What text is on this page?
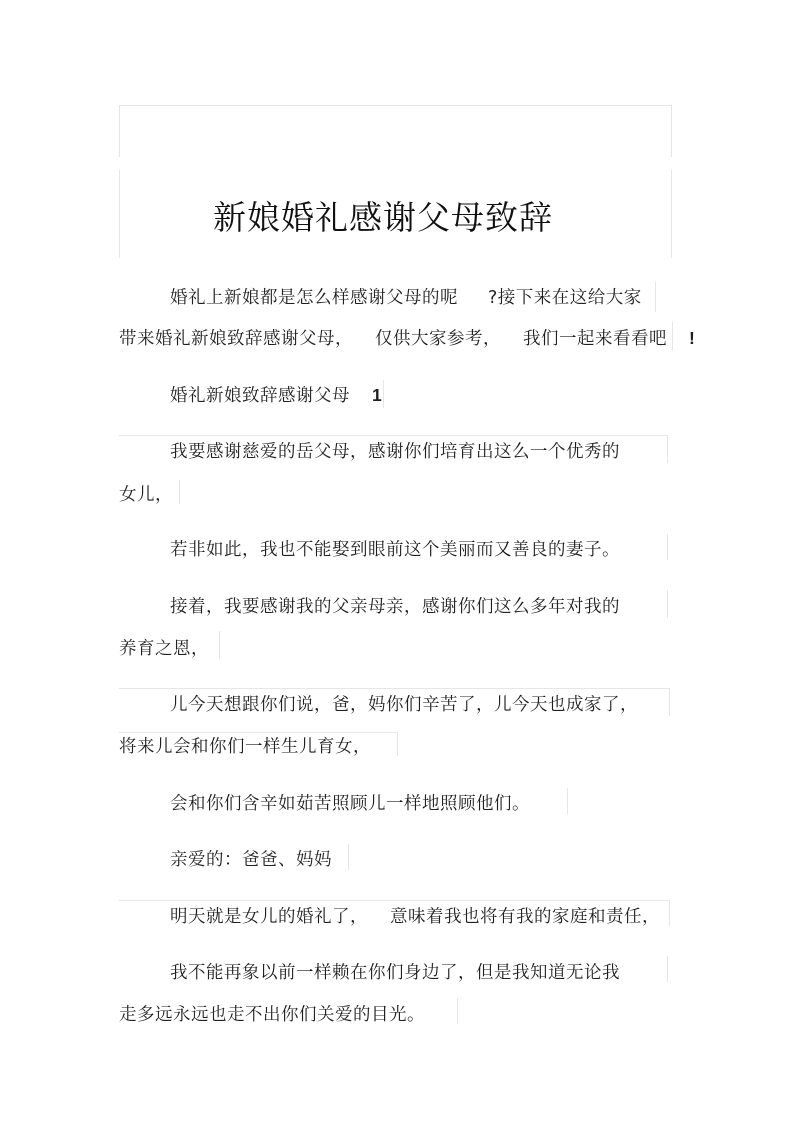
新娘婚礼感谢父母致辞
婚礼上新娘都是怎么样感谢父母的呢 ?接下来在这给大家
带来婚礼新娘致辞感谢父母， 仅供大家参考， 我们一起来看看吧 !
婚礼新娘致辞感谢父母 1
我要感谢慈爱的岳父母，感谢你们培育出这么一个优秀的
女儿，
若非如此，我也不能娶到眼前这个美丽而又善良的妻子。
接着，我要感谢我的父亲母亲，感谢你们这么多年对我的
养育之恩，
儿今天想跟你们说，爸，妈你们辛苦了，儿今天也成家了，
将来儿会和你们一样生儿育女，
会和你们含辛如茹苦照顾儿一样地照顾他们。
亲爱的：爸爸、妈妈
明天就是女儿的婚礼了， 意味着我也将有我的家庭和责任，
我不能再象以前一样赖在你们身边了，但是我知道无论我
走多远永远也走不出你们关爱的目光。
